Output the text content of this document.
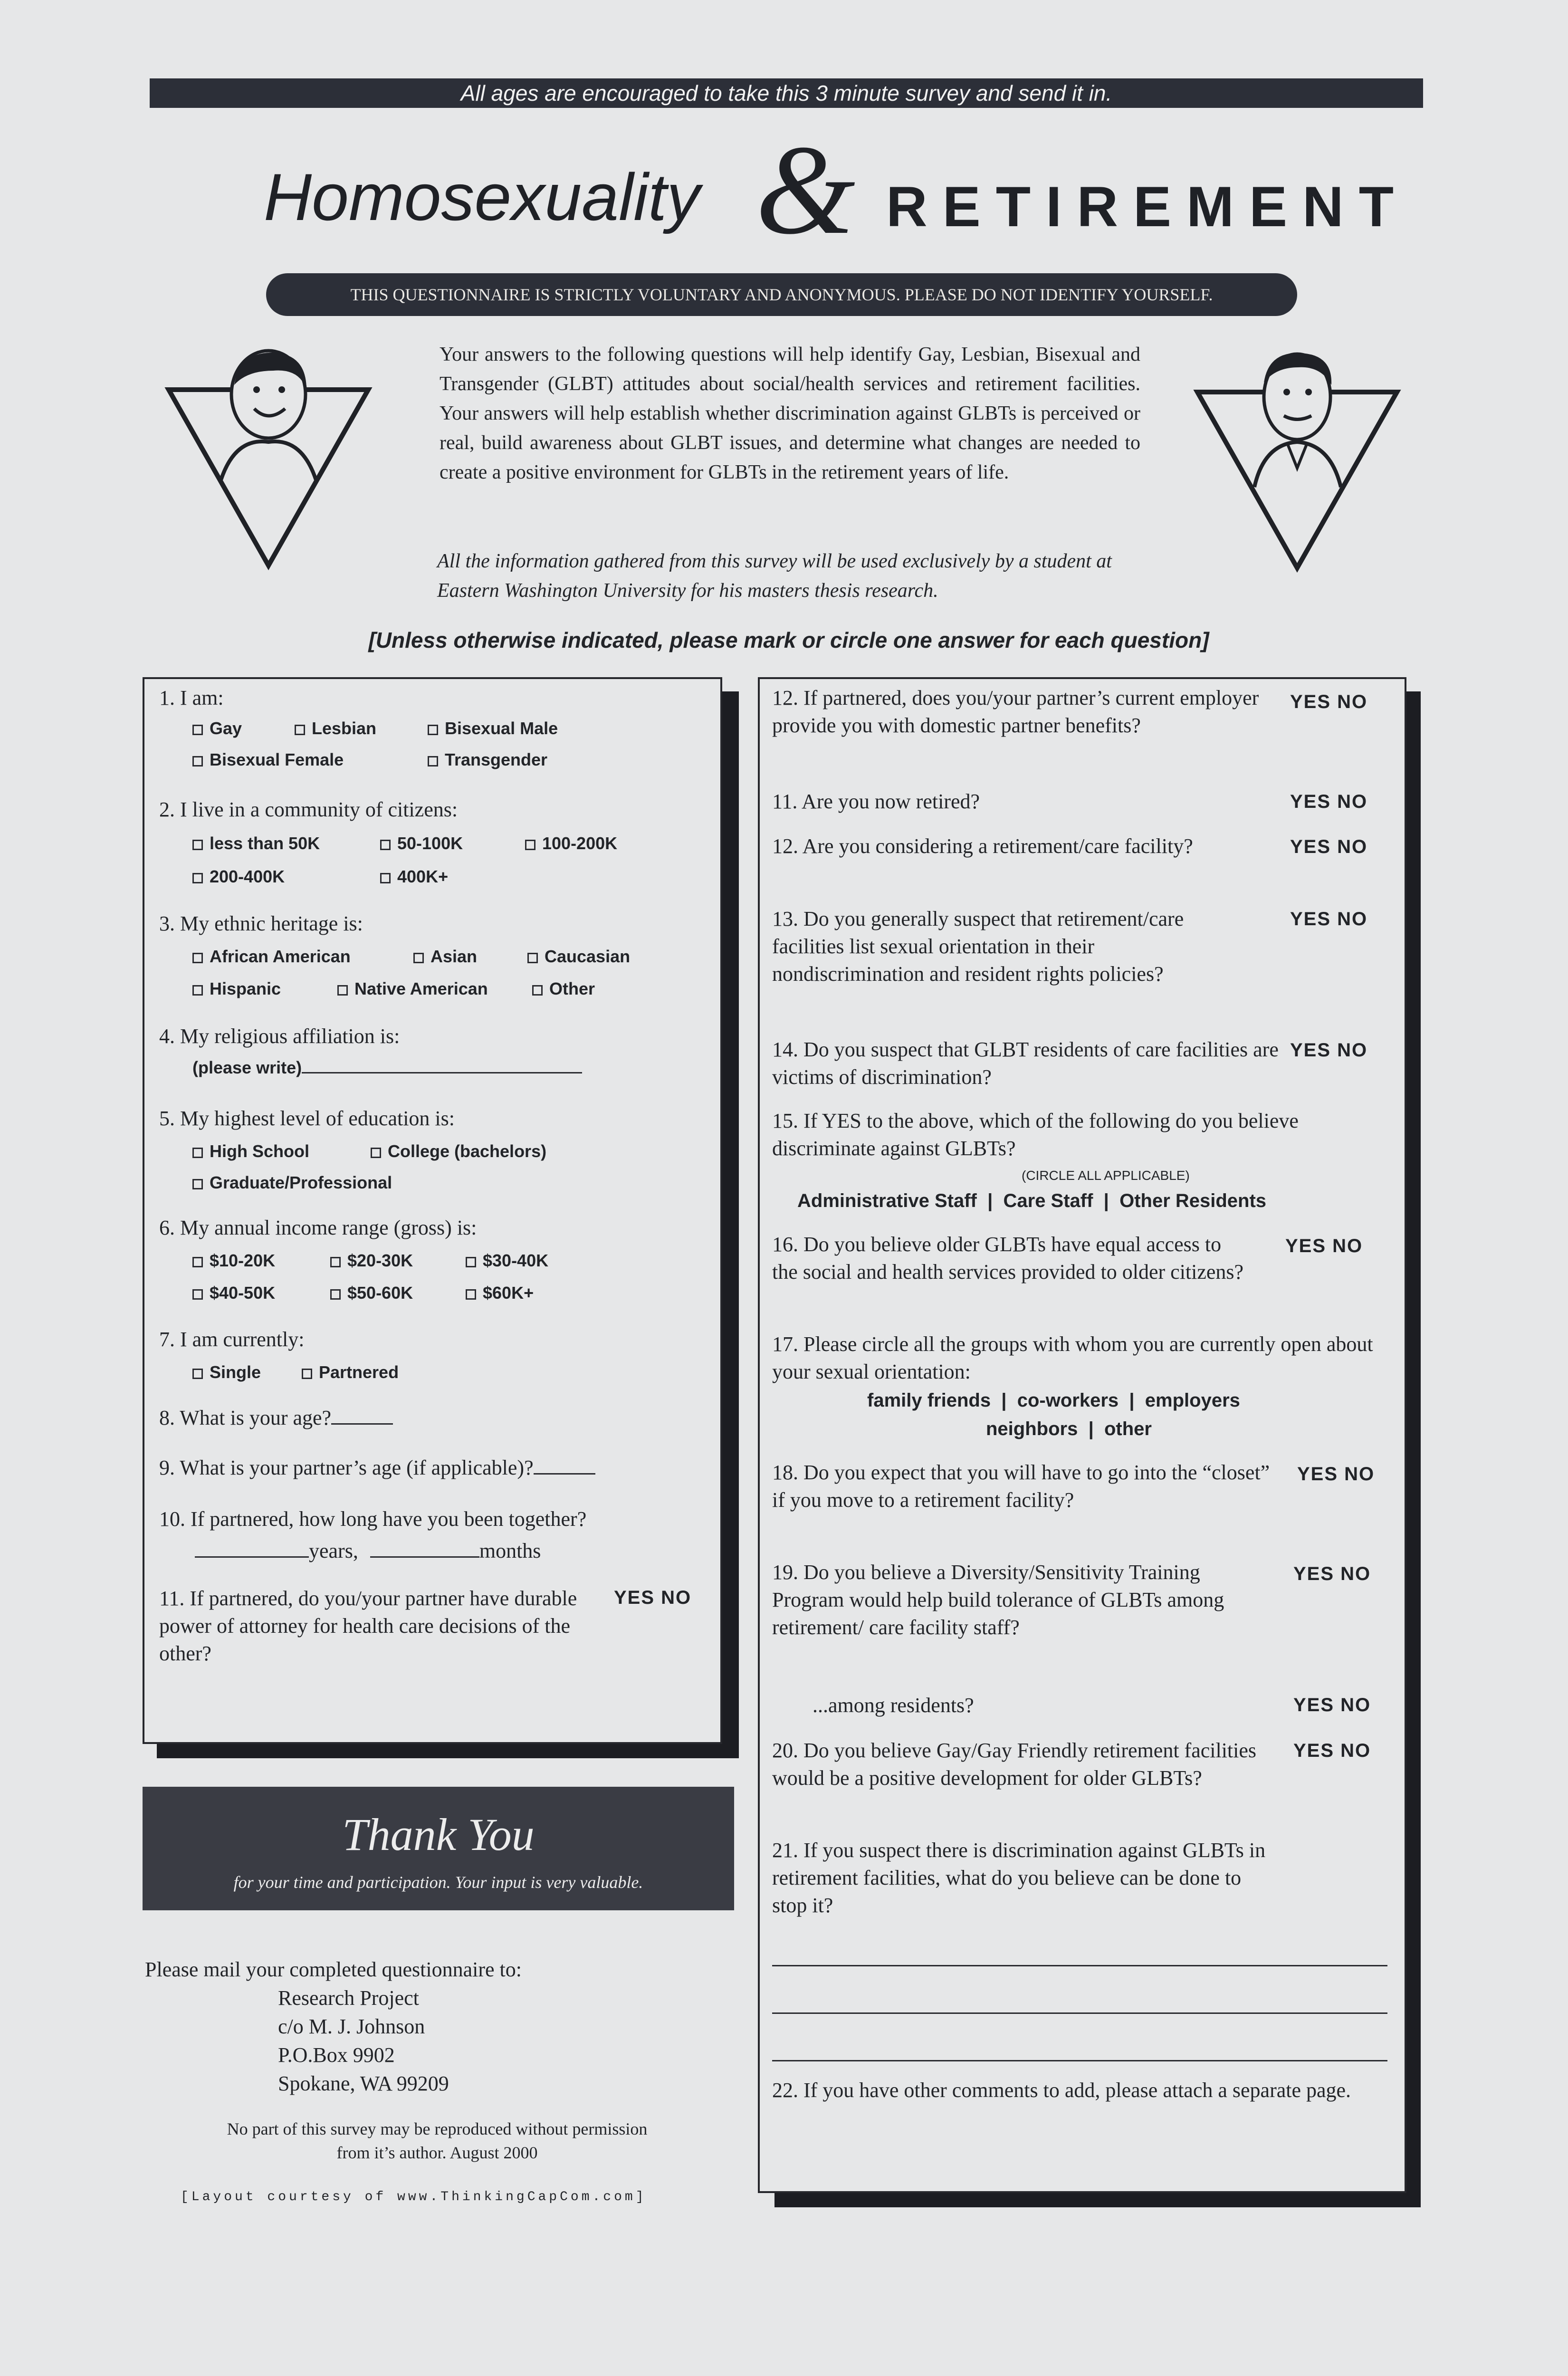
All ages are encouraged to take this 3 minute survey and send it in.
Homosexuality & RETIREMENT
THIS QUESTIONNAIRE IS STRICTLY VOLUNTARY AND ANONYMOUS. PLEASE DO NOT IDENTIFY YOURSELF.
Your answers to the following questions will help identify Gay, Lesbian, Bisexual and Transgender (GLBT) attitudes about social/health services and retirement facilities. Your answers will help establish whether discrimination against GLBTs is perceived or real, build awareness about GLBT issues, and determine what changes are needed to create a positive environment for GLBTs in the retirement years of life.
All the information gathered from this survey will be used exclusively by a student at Eastern Washington University for his masters thesis research.
[Unless otherwise indicated, please mark or circle one answer for each question]
1. I am:
Gay	Lesbian	Bisexual Male
Bisexual Female	Transgender
2. I live in a community of citizens:
less than 50K	50-100K	100-200K
200-400K	400K+
3. My ethnic heritage is:
African American	Asian	Caucasian
Hispanic	Native American	Other
4. My religious affiliation is:
(please write)
5. My highest level of education is:
High School	College (bachelors)
Graduate/Professional
6. My annual income range (gross) is:
$10-20K	$20-30K	$30-40K
$40-50K	$50-60K	$60K+
7. I am currently:
Single	Partnered
8. What is your age?
9. What is your partner’s age (if applicable)?
10. If partnered, how long have you been together?
years,	months
11. If partnered, do you/your partner have durable power of attorney for health care decisions of the other?
YES NO
12. If partnered, does you/your partner’s current employer provide you with domestic partner benefits?
YES NO
11. Are you now retired?	YES NO
12. Are you considering a retirement/care facility?	YES NO
13. Do you generally suspect that retirement/care facilities list sexual orientation in their nondiscrimination and resident rights policies?
YES NO
14. Do you suspect that GLBT residents of care facilities are victims of discrimination?
YES NO
15. If YES to the above, which of the following do you believe discriminate against GLBTs?
(CIRCLE ALL APPLICABLE)
Administrative Staff  |  Care Staff  |  Other Residents
16. Do you believe older GLBTs have equal access to the social and health services provided to older citizens?
YES NO
17. Please circle all the groups with whom you are currently open about your sexual orientation:
family friends  |  co-workers  |  employers
neighbors  |  other
18. Do you expect that you will have to go into the “closet” if you move to a retirement facility?
YES NO
19. Do you believe a Diversity/Sensitivity Training Program would help build tolerance of GLBTs among retirement/ care facility staff?
YES NO
...among residents?	YES NO
20. Do you believe Gay/Gay Friendly retirement facilities would be a positive development for older GLBTs?
YES NO
21. If you suspect there is discrimination against GLBTs in retirement facilities, what do you believe can be done to stop it?
22. If you have other comments to add, please attach a separate page.
Thank You
for your time and participation. Your input is very valuable.
Please mail your completed questionnaire to:
Research Project
c/o M. J. Johnson
P.O.Box 9902
Spokane, WA 99209
No part of this survey may be reproduced without permission
from it’s author. August 2000
[Layout courtesy of www.ThinkingCapCom.com]
